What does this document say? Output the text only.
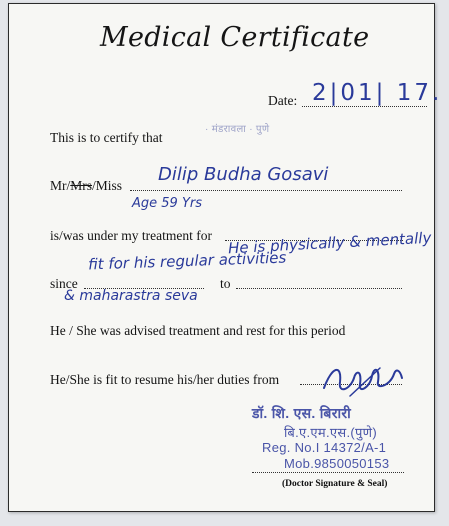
Medical Certificate
Date: 2|01| 17.
This is to certify that
· मंडरावला · पुणे
Mr/Mrs/Miss
Dilip Budha Gosavi
Age 59 Yrs
is/was under my treatment for He is physically & mentally
fit for his regular activities
since	to
& maharastra seva
He / She was advised treatment and rest for this period
He/She is fit to resume his/her duties from
डॉ. शि. एस. बिरारी
बि.ए.एम.एस.(पुणे)
Reg. No.I 14372/A-1
Mob.9850050153
(Doctor Signature & Seal)
